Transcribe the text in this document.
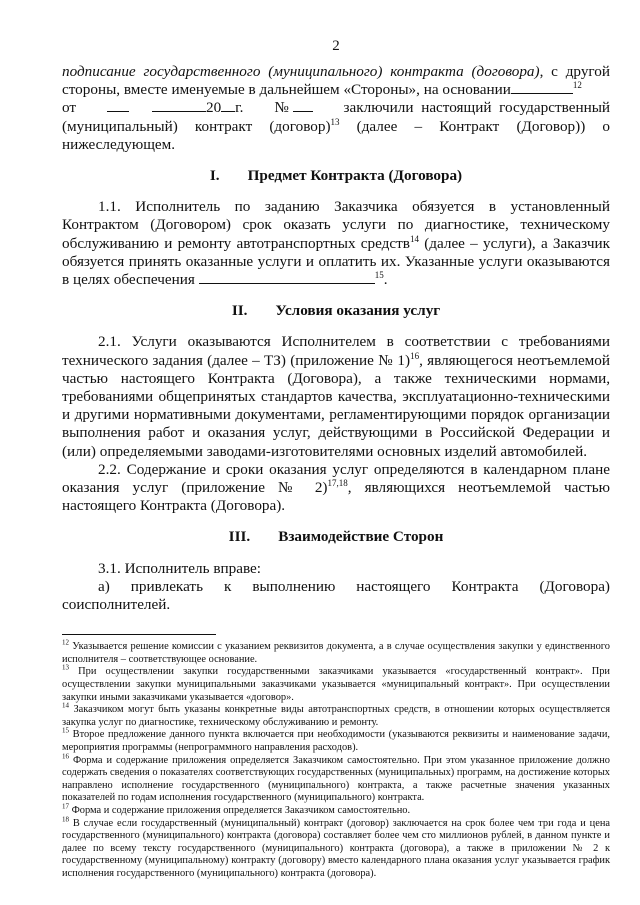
2

подписание государственного (муниципального) контракта (договора), с другой стороны, вместе именуемые в дальнейшем «Стороны», на основании	$^{12}$
от	20 г. №	заключили настоящий государственный (муниципальный) контракт (договор)$^{13}$ (далее – Контракт (Договор)) о нижеследующем.

I. Предмет Контракта (Договора)

1.1. Исполнитель по заданию Заказчика обязуется в установленный Контрактом (Договором) срок оказать услуги по диагностике, техническому обслуживанию и ремонту автотранспортных средств$^{14}$ (далее – услуги), а Заказчик обязуется принять оказанные услуги и оплатить их. Указанные услуги оказываются в целях обеспечения	$^{15}$.

II. Условия оказания услуг

2.1. Услуги оказываются Исполнителем в соответствии с требованиями технического задания (далее – ТЗ) (приложение № 1)$^{16}$, являющегося неотъемлемой частью настоящего Контракта (Договора), а также техническими нормами, требованиями общепринятых стандартов качества, эксплуатационно-техническими и другими нормативными документами, регламентирующими порядок организации выполнения работ и оказания услуг, действующими в Российской Федерации и (или) определяемыми заводами-изготовителями основных изделий автомобилей.

2.2. Содержание и сроки оказания услуг определяются в календарном плане оказания услуг (приложение № 2)$^{17,18}$, являющихся неотъемлемой частью настоящего Контракта (Договора).

III. Взаимодействие Сторон

3.1. Исполнитель вправе:

а) привлекать к выполнению настоящего Контракта (Договора) соисполнителей.

$^{12}$ Указывается решение комиссии с указанием реквизитов документа, а в случае осуществления закупки у единственного исполнителя – соответствующее основание.

$^{13}$ При осуществлении закупки государственными заказчиками указывается «государственный контракт». При осуществлении закупки муниципальными заказчиками указывается «муниципальный контракт». При осуществлении закупки иными заказчиками указывается «договор».

$^{14}$ Заказчиком могут быть указаны конкретные виды автотранспортных средств, в отношении которых осуществляется закупка услуг по диагностике, техническому обслуживанию и ремонту.

$^{15}$ Второе предложение данного пункта включается при необходимости (указываются реквизиты и наименование задачи, мероприятия программы (непрограммного направления расходов).

$^{16}$ Форма и содержание приложения определяется Заказчиком самостоятельно. При этом указанное приложение должно содержать сведения о показателях соответствующих государственных (муниципальных) программ, на достижение которых направлено исполнение государственного (муниципального) контракта, а также расчетные значения указанных показателей по годам исполнения государственного (муниципального) контракта.

$^{17}$ Форма и содержание приложения определяется Заказчиком самостоятельно.

$^{18}$ В случае если государственный (муниципальный) контракт (договор) заключается на срок более чем три года и цена государственного (муниципального) контракта (договора) составляет более чем сто миллионов рублей, в данном пункте и далее по всему тексту государственного (муниципального) контракта (договора), а также в приложении № 2 к государственному (муниципальному) контракту (договору) вместо календарного плана оказания услуг указывается график исполнения государственного (муниципального) контракта (договора).
